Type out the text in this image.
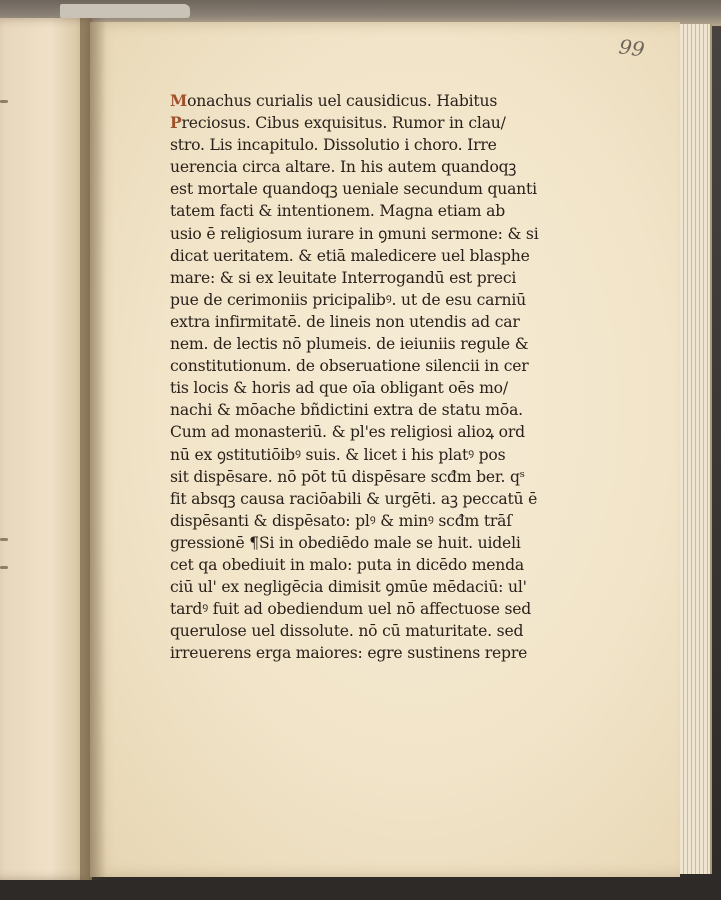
99
Monachus curialis uel causidicus. Habitus
Preciosus. Cibus exquisitus. Rumor in clau/
stro. Lis incapitulo. Dissolutio i choro. Irre
uerencia circa altare. In his autem quandoqꝫ
est mortale quandoqꝫ ueniale secundum quanti
tatem facti & intentionem. Magna etiam ab
usio ē religiosum iurare in ꝯmuni sermone: & si
dicat ueritatem. & etiā maledicere uel blasphe
mare: & si ex leuitate Interrogandū est preci
pue de cerimoniis pricipalibꝰ. ut de esu carniū
extra infirmitatē. de lineis non utendis ad car
nem. de lectis nō plumeis. de ieiuniis regule &
constitutionum. de obseruatione silencii in cer
tis locis & horis ad que oīa obligant oēs mo/
nachi & mōache bñdictini extra de statu mōa.
Cum ad monasteriū. & pl'es religiosi alioꝝ ord
nū ex ꝯstitutiōibꝰ suis. & licet i his platꝰ pos
sit dispēsare. nō pōt tū dispēsare scđm ber. qˢ
fit absqꝫ causa raciōabili & urgēti. aꝫ peccatū ē
dispēsanti & dispēsato: plꝰ & minꝰ scđm trāſ
gressionē ¶Si in obediēdo male se huit. uideli
cet qa obediuit in malo: puta in dicēdo menda
ciū ul' ex negligēcia dimisit ꝯmūe mēdaciū: ul'
tardꝰ fuit ad obediendum uel nō affectuose sed
querulose uel dissolute. nō cū maturitate. sed
irreuerens erga maiores: egre sustinens repre
